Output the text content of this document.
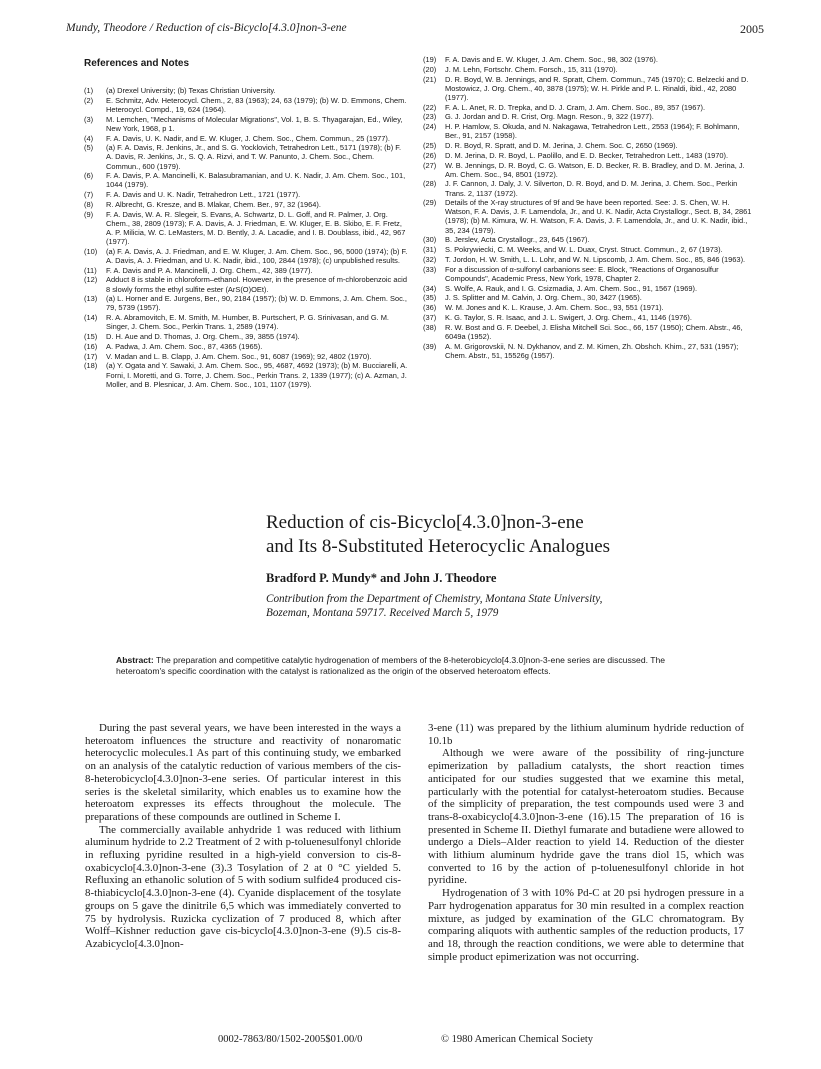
Mundy, Theodore / Reduction of cis-Bicyclo[4.3.0]non-3-ene	2005
References and Notes
(1)	(a) Drexel University; (b) Texas Christian University.
(2)	E. Schmitz, Adv. Heterocycl. Chem., 2, 83 (1963); 24, 63 (1979); (b) W. D. Emmons, Chem. Heterocycl. Compd., 19, 624 (1964).
(3)	M. Lemchen, "Mechanisms of Molecular Migrations", Vol. 1, B. S. Thyagarajan, Ed., Wiley, New York, 1968, p 1.
(4)	F. A. Davis, U. K. Nadir, and E. W. Kluger, J. Chem. Soc., Chem. Commun., 25 (1977).
(5)	(a) F. A. Davis, R. Jenkins, Jr., and S. G. Yocklovich, Tetrahedron Lett., 5171 (1978); (b) F. A. Davis, R. Jenkins, Jr., S. Q. A. Rizvi, and T. W. Panunto, J. Chem. Soc., Chem. Commun., 600 (1979).
(6)	F. A. Davis, P. A. Mancinelli, K. Balasubramanian, and U. K. Nadir, J. Am. Chem. Soc., 101, 1044 (1979).
(7)	F. A. Davis and U. K. Nadir, Tetrahedron Lett., 1721 (1977).
(8)	R. Albrecht, G. Kresze, and B. Mlakar, Chem. Ber., 97, 32 (1964).
(9)	F. A. Davis, W. A. R. Slegeir, S. Evans, A. Schwartz, D. L. Goff, and R. Palmer, J. Org. Chem., 38, 2809 (1973); F. A. Davis, A. J. Friedman, E. W. Kluger, E. B. Skibo, E. F. Fretz, A. P. Milicia, W. C. LeMasters, M. D. Bently, J. A. Lacadie, and I. B. Doublass, ibid., 42, 967 (1977).
(10)	(a) F. A. Davis, A. J. Friedman, and E. W. Kluger, J. Am. Chem. Soc., 96, 5000 (1974); (b) F. A. Davis, A. J. Friedman, and U. K. Nadir, ibid., 100, 2844 (1978); (c) unpublished results.
(11)	F. A. Davis and P. A. Mancinelli, J. Org. Chem., 42, 389 (1977).
(12)	Adduct 8 is stable in chloroform–ethanol. However, in the presence of m-chlorobenzoic acid 8 slowly forms the ethyl sulfite ester (ArS(O)OEt).
(13)	(a) L. Horner and E. Jurgens, Ber., 90, 2184 (1957); (b) W. D. Emmons, J. Am. Chem. Soc., 79, 5739 (1957).
(14)	R. A. Abramovitch, E. M. Smith, M. Humber, B. Purtschert, P. G. Srinivasan, and G. M. Singer, J. Chem. Soc., Perkin Trans. 1, 2589 (1974).
(15)	D. H. Aue and D. Thomas, J. Org. Chem., 39, 3855 (1974).
(16)	A. Padwa, J. Am. Chem. Soc., 87, 4365 (1965).
(17)	V. Madan and L. B. Clapp, J. Am. Chem. Soc., 91, 6087 (1969); 92, 4802 (1970).
(18)	(a) Y. Ogata and Y. Sawaki, J. Am. Chem. Soc., 95, 4687, 4692 (1973); (b) M. Bucciarelli, A. Forni, I. Moretti, and G. Torre, J. Chem. Soc., Perkin Trans. 2, 1339 (1977); (c) A. Azman, J. Moller, and B. Plesnicar, J. Am. Chem. Soc., 101, 1107 (1979).
(19)	F. A. Davis and E. W. Kluger, J. Am. Chem. Soc., 98, 302 (1976).
(20)	J. M. Lehn, Fortschr. Chem. Forsch., 15, 311 (1970).
(21)	D. R. Boyd, W. B. Jennings, and R. Spratt, Chem. Commun., 745 (1970); C. Belzecki and D. Mostowicz, J. Org. Chem., 40, 3878 (1975); W. H. Pirkle and P. L. Rinaldi, ibid., 42, 2080 (1977).
(22)	F. A. L. Anet, R. D. Trepka, and D. J. Cram, J. Am. Chem. Soc., 89, 357 (1967).
(23)	G. J. Jordan and D. R. Crist, Org. Magn. Reson., 9, 322 (1977).
(24)	H. P. Hamlow, S. Okuda, and N. Nakagawa, Tetrahedron Lett., 2553 (1964); F. Bohlmann, Ber., 91, 2157 (1958).
(25)	D. R. Boyd, R. Spratt, and D. M. Jerina, J. Chem. Soc. C, 2650 (1969).
(26)	D. M. Jerina, D. R. Boyd, L. Paolillo, and E. D. Becker, Tetrahedron Lett., 1483 (1970).
(27)	W. B. Jennings, D. R. Boyd, C. G. Watson, E. D. Becker, R. B. Bradley, and D. M. Jerina, J. Am. Chem. Soc., 94, 8501 (1972).
(28)	J. F. Cannon, J. Daly, J. V. Silverton, D. R. Boyd, and D. M. Jerina, J. Chem. Soc., Perkin Trans. 2, 1137 (1972).
(29)	Details of the X-ray structures of 9f and 9e have been reported. See: J. S. Chen, W. H. Watson, F. A. Davis, J. F. Lamendola, Jr., and U. K. Nadir, Acta Crystallogr., Sect. B, 34, 2861 (1978); (b) M. Kimura, W. H. Watson, F. A. Davis, J. F. Lamendola, Jr., and U. K. Nadir, ibid., 35, 234 (1979).
(30)	B. Jerslev, Acta Crystallogr., 23, 645 (1967).
(31)	S. Pokrywiecki, C. M. Weeks, and W. L. Duax, Cryst. Struct. Commun., 2, 67 (1973).
(32)	T. Jordon, H. W. Smith, L. L. Lohr, and W. N. Lipscomb, J. Am. Chem. Soc., 85, 846 (1963).
(33)	For a discussion of α-sulfonyl carbanions see: E. Block, "Reactions of Organosulfur Compounds", Academic Press, New York, 1978, Chapter 2.
(34)	S. Wolfe, A. Rauk, and I. G. Csizmadia, J. Am. Chem. Soc., 91, 1567 (1969).
(35)	J. S. Splitter and M. Calvin, J. Org. Chem., 30, 3427 (1965).
(36)	W. M. Jones and K. L. Krause, J. Am. Chem. Soc., 93, 551 (1971).
(37)	K. G. Taylor, S. R. Isaac, and J. L. Swigert, J. Org. Chem., 41, 1146 (1976).
(38)	R. W. Bost and G. F. Deebel, J. Elisha Mitchell Sci. Soc., 66, 157 (1950); Chem. Abstr., 46, 6049a (1952).
(39)	A. M. Grigorovskii, N. N. Dykhanov, and Z. M. Kimen, Zh. Obshch. Khim., 27, 531 (1957); Chem. Abstr., 51, 15526g (1957).
Reduction of cis-Bicyclo[4.3.0]non-3-ene
and Its 8-Substituted Heterocyclic Analogues
Bradford P. Mundy* and John J. Theodore
Contribution from the Department of Chemistry, Montana State University,
Bozeman, Montana 59717. Received March 5, 1979
Abstract: The preparation and competitive catalytic hydrogenation of members of the 8-heterobicyclo[4.3.0]non-3-ene series are discussed. The heteroatom's specific coordination with the catalyst is rationalized as the origin of the observed heteroatom effects.

During the past several years, we have been interested in the ways a heteroatom influences the structure and reactivity of nonaromatic heterocyclic molecules.1 As part of this continuing study, we embarked on an analysis of the catalytic reduction of various members of the cis-8-heterobicyclo[4.3.0]non-3-ene series. Of particular interest in this series is the skeletal similarity, which enables us to examine how the heteroatom expresses its effects throughout the molecule. The preparations of these compounds are outlined in Scheme I.

The commercially available anhydride 1 was reduced with lithium aluminum hydride to 2.2 Treatment of 2 with p-toluenesulfonyl chloride in refluxing pyridine resulted in a high-yield conversion to cis-8-oxabicyclo[4.3.0]non-3-ene (3).3 Tosylation of 2 at 0 °C yielded 5. Refluxing an ethanolic solution of 5 with sodium sulfide4 produced cis-8-thiabicyclo[4.3.0]non-3-ene (4). Cyanide displacement of the tosylate groups on 5 gave the dinitrile 6,5 which was immediately converted to 75 by hydrolysis. Ruzicka cyclization of 7 produced 8, which after Wolff–Kishner reduction gave cis-bicyclo[4.3.0]non-3-ene (9).5 cis-8-Azabicyclo[4.3.0]non-

3-ene (11) was prepared by the lithium aluminum hydride reduction of 10.1b

Although we were aware of the possibility of ring-juncture epimerization by palladium catalysts, the short reaction times anticipated for our studies suggested that we examine this metal, particularly with the potential for catalyst-heteroatom studies. Because of the simplicity of preparation, the test compounds used were 3 and trans-8-oxabicyclo[4.3.0]non-3-ene (16).15 The preparation of 16 is presented in Scheme II. Diethyl fumarate and butadiene were allowed to undergo a Diels–Alder reaction to yield 14. Reduction of the diester with lithium aluminum hydride gave the trans diol 15, which was converted to 16 by the action of p-toluenesulfonyl chloride in hot pyridine.

Hydrogenation of 3 with 10% Pd-C at 20 psi hydrogen pressure in a Parr hydrogenation apparatus for 30 min resulted in a complex reaction mixture, as judged by examination of the GLC chromatogram. By comparing aliquots with authentic samples of the reduction products, 17 and 18, through the reaction conditions, we were able to determine that simple product epimerization was not occurring.

0002-7863/80/1502-2005$01.00/0	© 1980 American Chemical Society
